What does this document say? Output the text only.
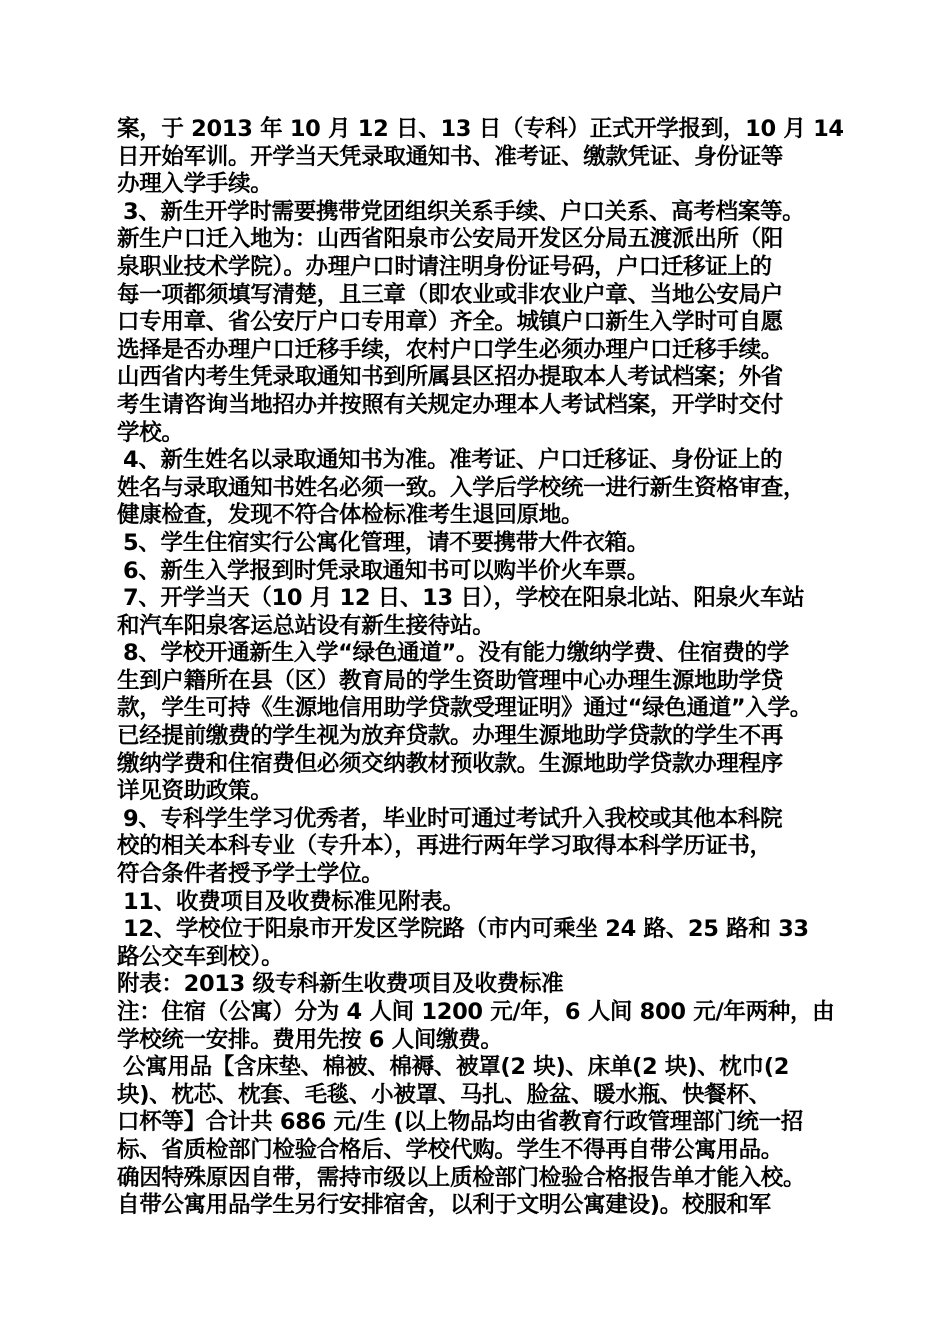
案，于 2013 年 10 月 12 日、13 日（专科）正式开学报到，10 月 14
日开始军训。开学当天凭录取通知书、准考证、缴款凭证、身份证等
办理入学手续。
3、新生开学时需要携带党团组织关系手续、户口关系、高考档案等。
新生户口迁入地为：山西省阳泉市公安局开发区分局五渡派出所（阳
泉职业技术学院）。办理户口时请注明身份证号码，户口迁移证上的
每一项都须填写清楚，且三章（即农业或非农业户章、当地公安局户
口专用章、省公安厅户口专用章）齐全。城镇户口新生入学时可自愿
选择是否办理户口迁移手续，农村户口学生必须办理户口迁移手续。
山西省内考生凭录取通知书到所属县区招办提取本人考试档案；外省
考生请咨询当地招办并按照有关规定办理本人考试档案，开学时交付
学校。
4、新生姓名以录取通知书为准。准考证、户口迁移证、身份证上的
姓名与录取通知书姓名必须一致。入学后学校统一进行新生资格审查，
健康检查，发现不符合体检标准考生退回原地。
5、学生住宿实行公寓化管理，请不要携带大件衣箱。
6、新生入学报到时凭录取通知书可以购半价火车票。
7、开学当天（10 月 12 日、13 日），学校在阳泉北站、阳泉火车站
和汽车阳泉客运总站设有新生接待站。
8、学校开通新生入学“绿色通道”。没有能力缴纳学费、住宿费的学
生到户籍所在县（区）教育局的学生资助管理中心办理生源地助学贷
款，学生可持《生源地信用助学贷款受理证明》通过“绿色通道”入学。
已经提前缴费的学生视为放弃贷款。办理生源地助学贷款的学生不再
缴纳学费和住宿费但必须交纳教材预收款。生源地助学贷款办理程序
详见资助政策。
9、专科学生学习优秀者，毕业时可通过考试升入我校或其他本科院
校的相关本科专业（专升本），再进行两年学习取得本科学历证书，
符合条件者授予学士学位。
11、收费项目及收费标准见附表。
12、学校位于阳泉市开发区学院路（市内可乘坐 24 路、25 路和 33
路公交车到校）。
附表：2013 级专科新生收费项目及收费标准
注：住宿（公寓）分为 4 人间 1200 元/年，6 人间 800 元/年两种，由
学校统一安排。费用先按 6 人间缴费。
公寓用品【含床垫、棉被、棉褥、被罩(2 块)、床单(2 块)、枕巾(2
块)、枕芯、枕套、毛毯、小被罩、马扎、脸盆、暖水瓶、快餐杯、
口杯等】合计共 686 元/生 (以上物品均由省教育行政管理部门统一招
标、省质检部门检验合格后、学校代购。学生不得再自带公寓用品。
确因特殊原因自带，需持市级以上质检部门检验合格报告单才能入校。
自带公寓用品学生另行安排宿舍，以利于文明公寓建设)。校服和军
